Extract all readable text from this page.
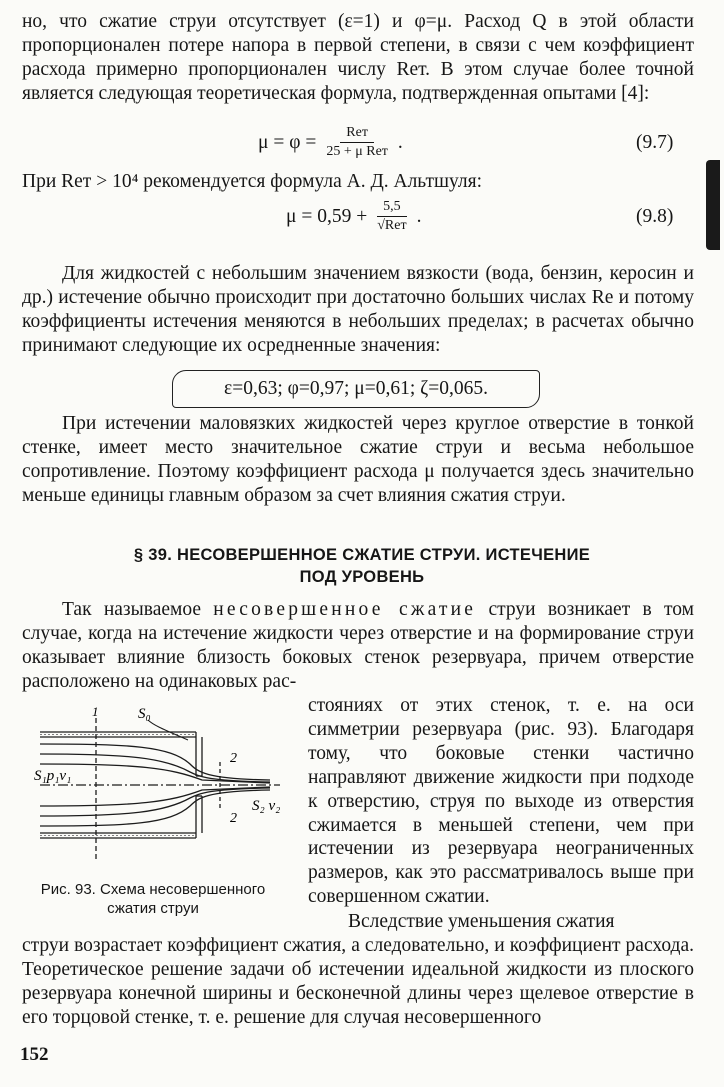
но, что сжатие струи отсутствует (ε=1) и φ=μ. Расход Q в этой области пропорционален потере напора в первой степени, в связи с чем коэффициент расхода примерно пропорционален числу Reт. В этом случае более точной является следующая теоретическая формула, подтвержденная опытами [4]:

$\mu = \varphi = \frac{\text{Reт}}{\text{25 + μ Reт}}$ .	(9.7)

При Reт > 10⁴ рекомендуется формула А. Д. Альтшуля:

$\mu = 0,59 + \frac{5,5}{\text{√Reт}}$ .	(9.8)

Для жидкостей с небольшим значением вязкости (вода, бензин, керосин и др.) истечение обычно происходит при достаточно больших числах Re и потому коэффициенты истечения меняются в небольших пределах; в расчетах обычно принимают следующие их осредненные значения:

ε=0,63; φ=0,97; μ=0,61; ζ=0,065.

При истечении маловязких жидкостей через круглое отверстие в тонкой стенке, имеет место значительное сжатие струи и весьма небольшое сопротивление. Поэтому коэффициент расхода μ получается здесь значительно меньше единицы главным образом за счет влияния сжатия струи.

§ 39. НЕСОВЕРШЕННОЕ СЖАТИЕ СТРУИ. ИСТЕЧЕНИЕ
ПОД УРОВЕНЬ

Так называемое несовершенное сжатие струи возникает в том случае, когда на истечение жидкости через отверстие и на формирование струи оказывает влияние близость боковых стенок резервуара, причем отверстие расположено на одинаковых рас-

стояниях от этих стенок, т. е. на оси симметрии резервуара (рис. 93). Благодаря тому, что боковые стенки частично направляют движение жидкости при подходе к отверстию, струя по выходе из отверстия сжимается в меньшей степени, чем при истечении из резервуара неограниченных размеров, как это рассматривалось выше при совершенном сжатии.

Вследствие уменьшения сжатия

струи возрастает коэффициент сжатия, а следовательно, и коэффициент расхода. Теоретическое решение задачи об истечении идеальной жидкости из плоского резервуара конечной ширины и бесконечной длины через щелевое отверстие в его торцовой стенке, т. е. решение для случая несовершенного

1	S₀
S₁p₁v₁
2
2
S₂ v₂
Рис. 93. Схема несовершенного сжатия струи
152
